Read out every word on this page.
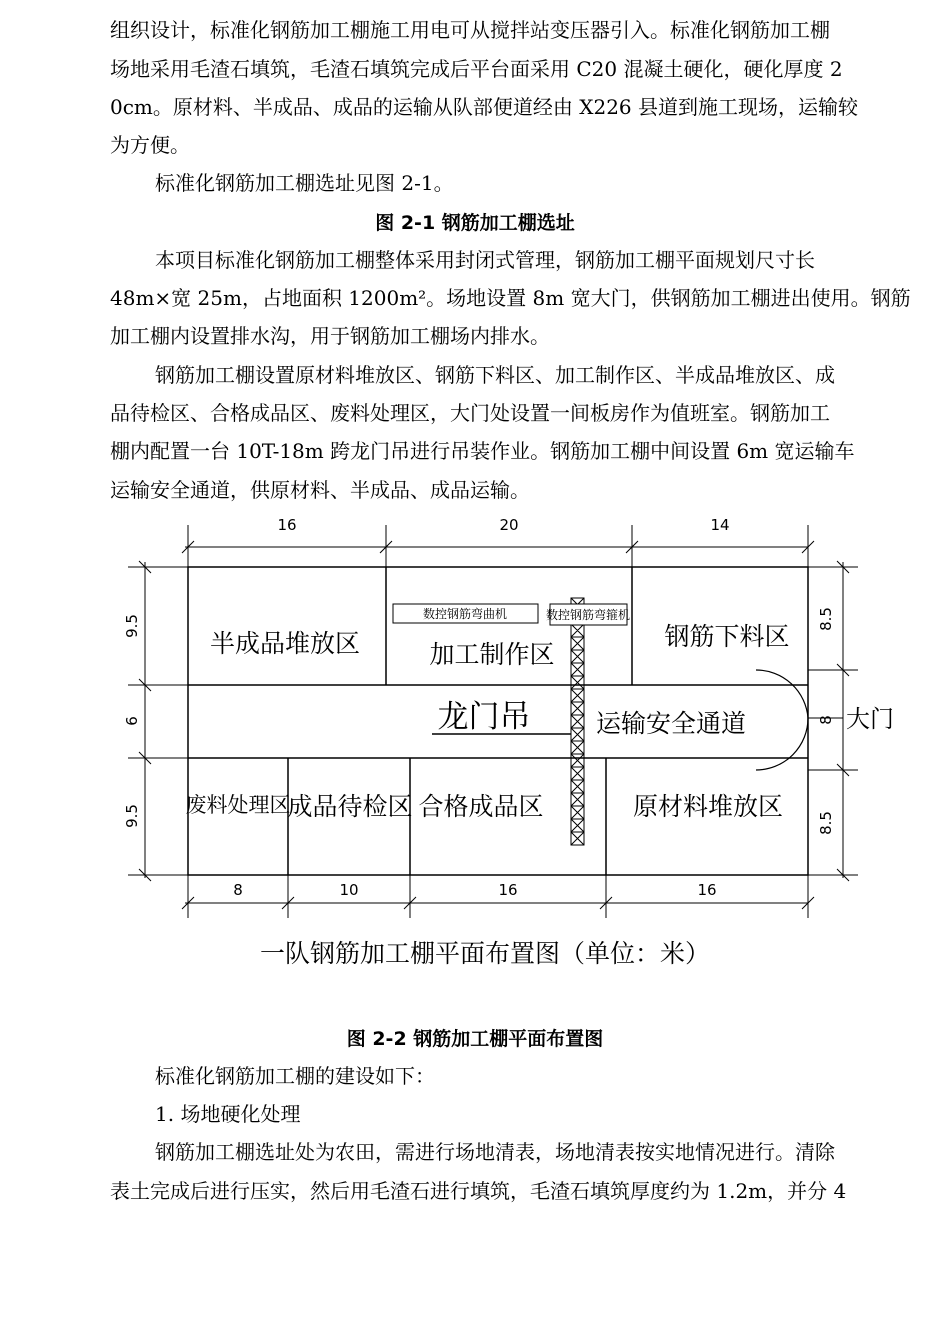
组织设计，标准化钢筋加工棚施工用电可从搅拌站变压器引入。标准化钢筋加工棚
场地采用毛渣石填筑，毛渣石填筑完成后平台面采用 C20 混凝土硬化，硬化厚度 2
0cm。原材料、半成品、成品的运输从队部便道经由 X226 县道到施工现场，运输较
为方便。
标准化钢筋加工棚选址见图 2-1。
图 2-1 钢筋加工棚选址
本项目标准化钢筋加工棚整体采用封闭式管理，钢筋加工棚平面规划尺寸长
48m×宽 25m，占地面积 1200m²。场地设置 8m 宽大门，供钢筋加工棚进出使用。钢筋
加工棚内设置排水沟，用于钢筋加工棚场内排水。
钢筋加工棚设置原材料堆放区、钢筋下料区、加工制作区、半成品堆放区、成
品待检区、合格成品区、废料处理区，大门处设置一间板房作为值班室。钢筋加工
棚内配置一台 10T-18m 跨龙门吊进行吊装作业。钢筋加工棚中间设置 6m 宽运输车
运输安全通道，供原材料、半成品、成品运输。
16	20	14
8	10	16	16
9.5
6
9.5
8.5
8
8.5
大门
数控钢筋弯曲机	数控钢筋弯箍机
半成品堆放区	加工制作区
钢筋下料区
龙门吊	运输安全通道
废料处理区
成品待检区 合格成品区	原材料堆放区
一队钢筋加工棚平面布置图（单位：米）
图 2-2 钢筋加工棚平面布置图
标准化钢筋加工棚的建设如下：
1. 场地硬化处理
钢筋加工棚选址处为农田，需进行场地清表，场地清表按实地情况进行。清除
表土完成后进行压实，然后用毛渣石进行填筑，毛渣石填筑厚度约为 1.2m，并分 4
